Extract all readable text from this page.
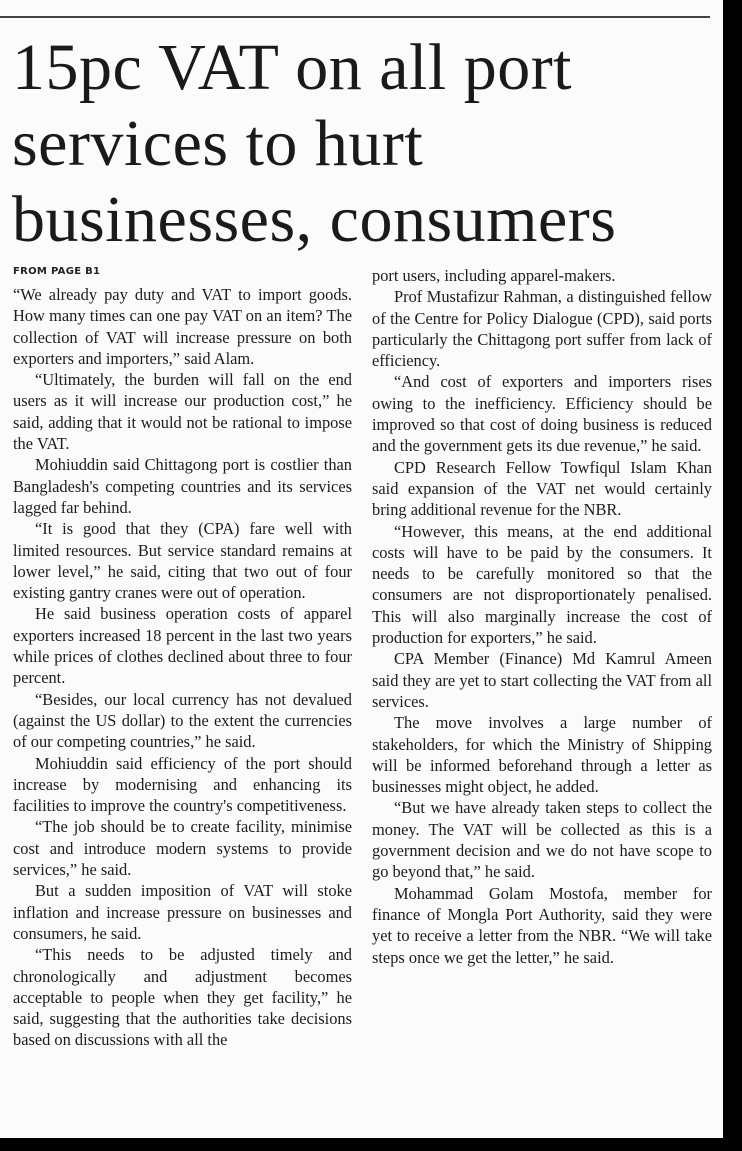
15pc VAT on all port
services to hurt
businesses, consumers
FROM PAGE B1

“We already pay duty and VAT to import goods. How many times can one pay VAT on an item? The collection of VAT will increase pressure on both exporters and importers,” said Alam.

“Ultimately, the burden will fall on the end users as it will increase our production cost,” he said, adding that it would not be rational to impose the VAT.

Mohiuddin said Chittagong port is costlier than Bangladesh's competing countries and its services lagged far behind.

“It is good that they (CPA) fare well with limited resources. But service standard remains at lower level,” he said, citing that two out of four existing gantry cranes were out of operation.

He said business operation costs of apparel exporters increased 18 percent in the last two years while prices of clothes declined about three to four percent.

“Besides, our local currency has not devalued (against the US dollar) to the extent the currencies of our competing countries,” he said.

Mohiuddin said efficiency of the port should increase by modernising and enhancing its facilities to improve the country's competitiveness.

“The job should be to create facility, minimise cost and introduce modern systems to provide services,” he said.

But a sudden imposition of VAT will stoke inflation and increase pressure on businesses and consumers, he said.

“This needs to be adjusted timely and chronologically and adjustment becomes acceptable to people when they get facility,” he said, suggesting that the authorities take decisions based on discussions with all the

port users, including apparel-makers.

Prof Mustafizur Rahman, a distinguished fellow of the Centre for Policy Dialogue (CPD), said ports particularly the Chittagong port suffer from lack of efficiency.

“And cost of exporters and importers rises owing to the inefficiency. Efficiency should be improved so that cost of doing business is reduced and the government gets its due revenue,” he said.

CPD Research Fellow Towfiqul Islam Khan said expansion of the VAT net would certainly bring additional revenue for the NBR.

“However, this means, at the end additional costs will have to be paid by the consumers. It needs to be carefully monitored so that the consumers are not disproportionately penalised. This will also marginally increase the cost of production for exporters,” he said.

CPA Member (Finance) Md Kamrul Ameen said they are yet to start collecting the VAT from all services.

The move involves a large number of stakeholders, for which the Ministry of Shipping will be informed beforehand through a letter as businesses might object, he added.

“But we have already taken steps to collect the money. The VAT will be collected as this is a government decision and we do not have scope to go beyond that,” he said.

Mohammad Golam Mostofa, member for finance of Mongla Port Authority, said they were yet to receive a letter from the NBR. “We will take steps once we get the letter,” he said.
